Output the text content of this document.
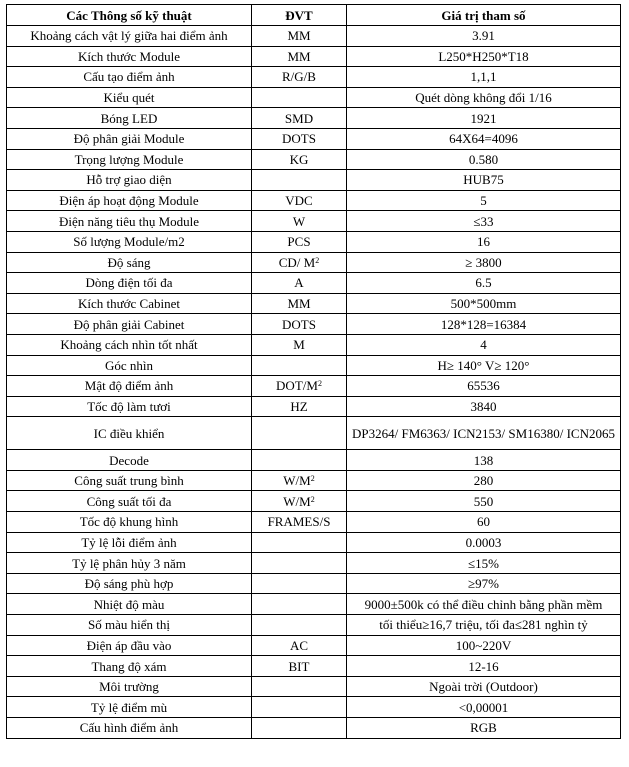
Các Thông số kỹ thuật	ĐVT	Giá trị tham số
Khoảng cách vật lý giữa hai điểm ảnh	MM	3.91
Kích thước Module	MM	L250*H250*T18
Cấu tạo điểm ảnh	R/G/B	1,1,1
Kiểu quét		Quét dòng không đổi 1/16
Bóng LED	SMD	1921
Độ phân giải Module	DOTS	64X64=4096
Trọng lượng Module	KG	0.580
Hỗ trợ giao diện		HUB75
Điện áp hoạt động Module	VDC	5
Điện năng tiêu thụ Module	W	≤33
Số lượng Module/m2	PCS	16
Độ sáng	CD/ $M^2$	≥ 3800
Dòng điện tối đa	A	6.5
Kích thước Cabinet	MM	500*500mm
Độ phân giải Cabinet	DOTS	128*128=16384
Khoảng cách nhìn tốt nhất	M	4
Góc nhìn		H≥ 140° V≥ 120°
Mật độ điểm ảnh	DOT/$M^2$	65536
Tốc độ làm tươi	HZ	3840
IC điều khiển		DP3264/ FM6363/ ICN2153/ SM16380/ ICN2065
Decode		138
Công suất trung bình	$W/M^2$	280
Công suất tối đa	$W/M^2$	550
Tốc độ khung hình	FRAMES/S	60
Tỷ lệ lỗi điểm ảnh		0.0003
Tỷ lệ phân hủy 3 năm		≤15%
Độ sáng phù hợp		≥97%
Nhiệt độ màu		9000±500k có thể điều chỉnh bằng phần mềm
Số màu hiển thị		tối thiểu≥16,7 triệu, tối đa≤281 nghìn tỷ
Điện áp đầu vào	AC	100~220V
Thang độ xám	BIT	12-16
Môi trường		Ngoài trời (Outdoor)
Tỷ lệ điểm mù		<0,00001
Cấu hình điểm ảnh		RGB
